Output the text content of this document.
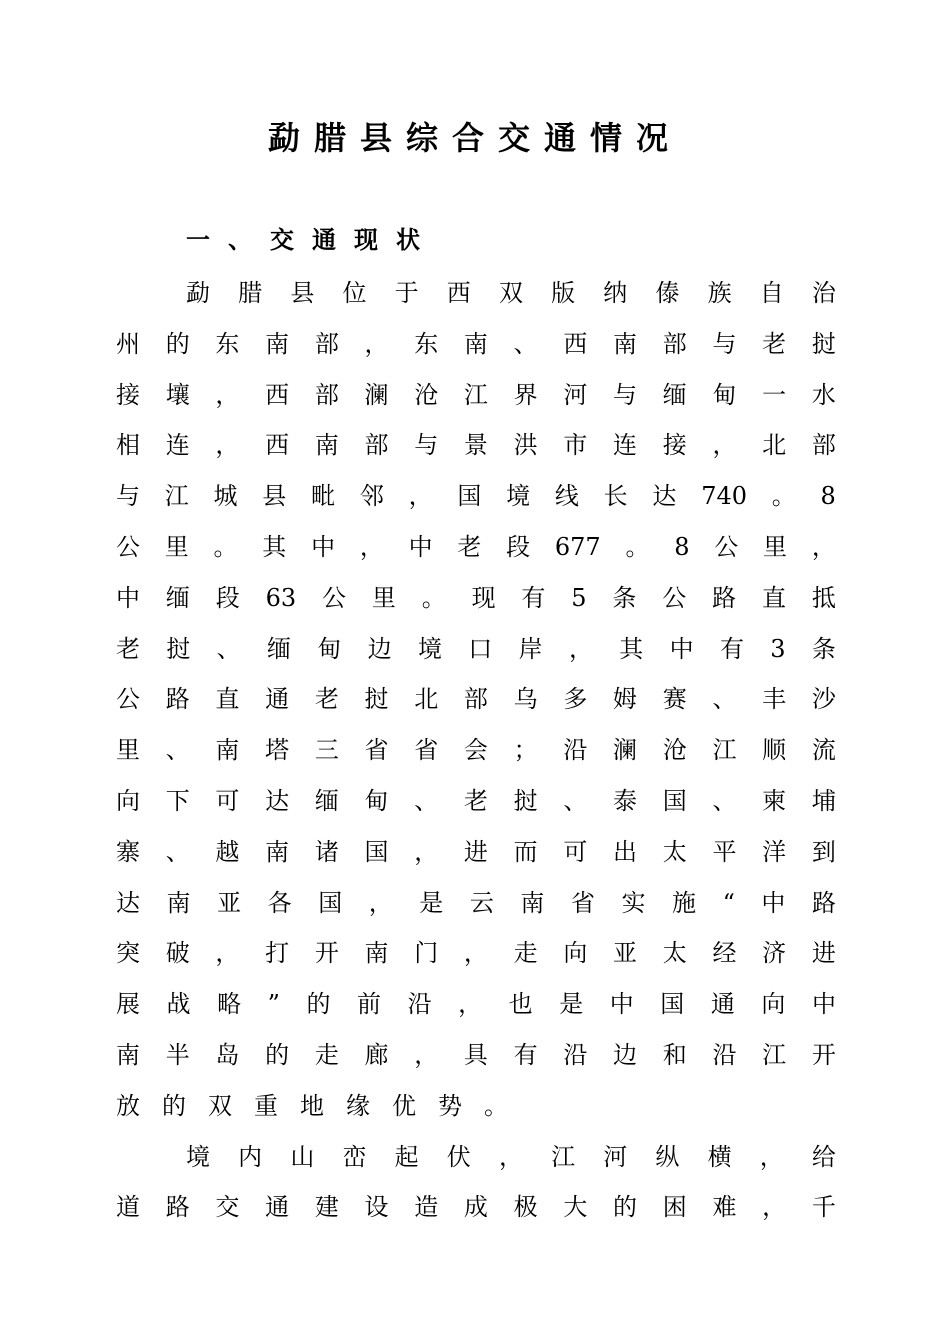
勐腊县综合交通情况
一 、 交 通 现 状
勐 腊 县 位 于 西 双 版 纳 傣 族 自 治
州 的 东 南 部 ， 东 南 、 西 南 部 与 老 挝
接 壤 ， 西 部 澜 沧 江 界 河 与 缅 甸 一 水
相 连 ， 西 南 部 与 景 洪 市 连 接 ， 北 部
与 江 城 县 毗 邻 ， 国 境 线 长 达 740 。 8
公 里 。 其 中 ， 中 老 段 677 。 8 公 里 ，
中 缅 段 63 公 里 。 现 有 5 条 公 路 直 抵
老 挝 、 缅 甸 边 境 口 岸 ， 其 中 有 3 条
公 路 直 通 老 挝 北 部 乌 多 姆 赛 、 丰 沙
里 、 南 塔 三 省 省 会 ； 沿 澜 沧 江 顺 流
向 下 可 达 缅 甸 、 老 挝 、 泰 国 、 柬 埔
寨 、 越 南 诸 国 ， 进 而 可 出 太 平 洋 到
达 南 亚 各 国 ， 是 云 南 省 实 施 “ 中 路
突 破 ， 打 开 南 门 ， 走 向 亚 太 经 济 进
展 战 略 ” 的 前 沿 ， 也 是 中 国 通 向 中
南 半 岛 的 走 廊 ， 具 有 沿 边 和 沿 江 开
放 的 双 重 地 缘 优 势 。
境 内 山 峦 起 伏 ， 江 河 纵 横 ， 给
道 路 交 通 建 设 造 成 极 大 的 困 难 ， 千
